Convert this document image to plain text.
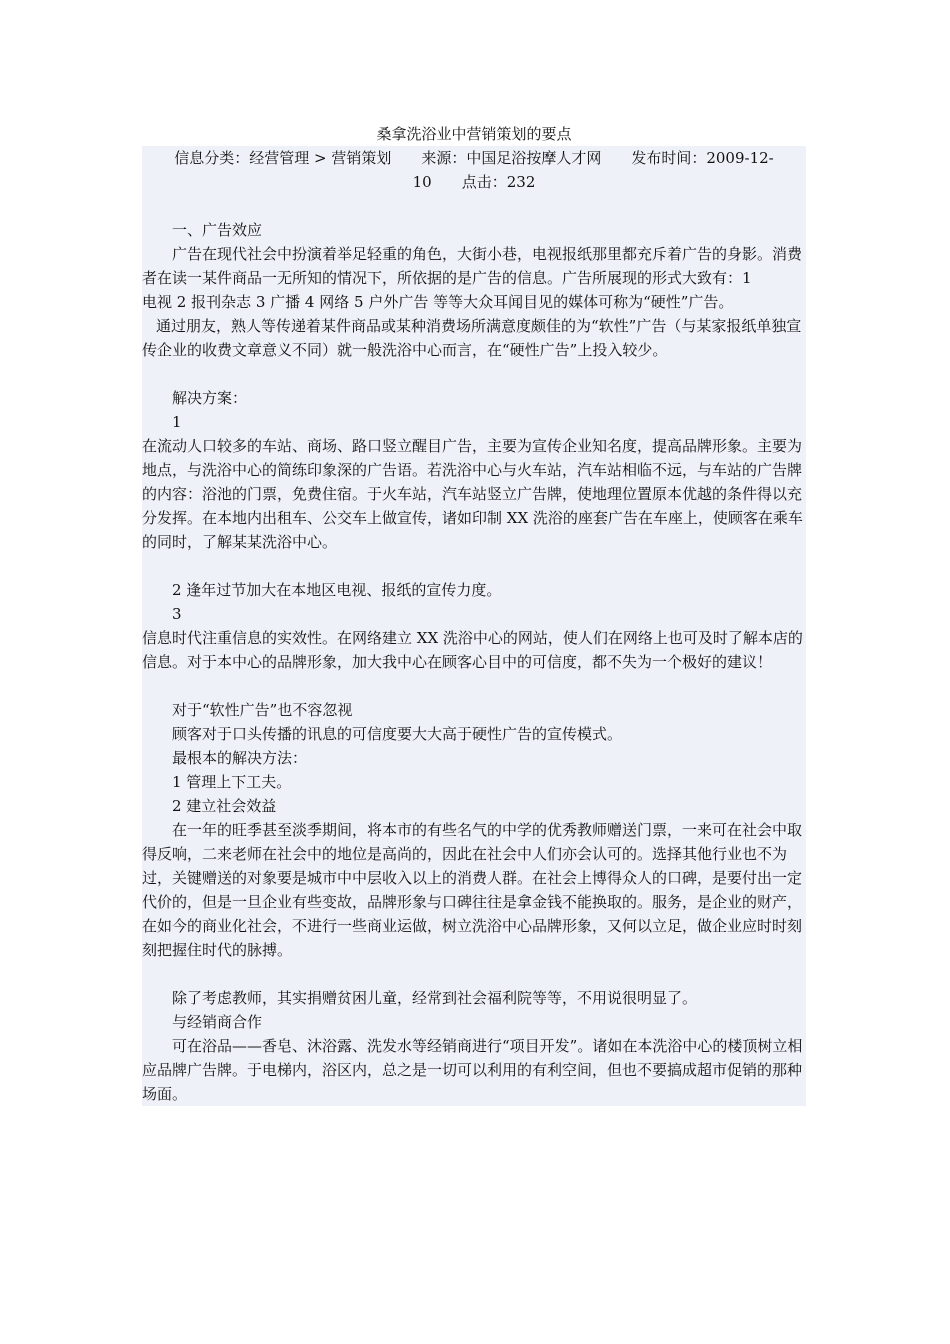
桑拿洗浴业中营销策划的要点
信息分类：经营管理 > 营销策划　　来源：中国足浴按摩人才网　　发布时间：2009-12-
10　　点击：232

一、广告效应

广告在现代社会中扮演着举足轻重的角色，大街小巷，电视报纸那里都充斥着广告的身影。消费者在读一某件商品一无所知的情况下，所依据的是广告的信息。广告所展现的形式大致有：1

电视 2 报刊杂志 3 广播 4 网络 5 户外广告 等等大众耳闻目见的媒体可称为“硬性”广告。

通过朋友，熟人等传递着某件商品或某种消费场所满意度颇佳的为“软性”广告（与某家报纸单独宣传企业的收费文章意义不同）就一般洗浴中心而言，在“硬性广告”上投入较少。

解决方案：

1

在流动人口较多的车站、商场、路口竖立醒目广告，主要为宣传企业知名度，提高品牌形象。主要为地点，与洗浴中心的简练印象深的广告语。若洗浴中心与火车站，汽车站相临不远，与车站的广告牌的内容：浴池的门票，免费住宿。于火车站，汽车站竖立广告牌，使地理位置原本优越的条件得以充分发挥。在本地内出租车、公交车上做宣传，诸如印制 XX 洗浴的座套广告在车座上，使顾客在乘车的同时，了解某某洗浴中心。

2 逢年过节加大在本地区电视、报纸的宣传力度。

3

信息时代注重信息的实效性。在网络建立 XX 洗浴中心的网站，使人们在网络上也可及时了解本店的信息。对于本中心的品牌形象，加大我中心在顾客心目中的可信度，都不失为一个极好的建议！

对于“软性广告”也不容忽视

顾客对于口头传播的讯息的可信度要大大高于硬性广告的宣传模式。

最根本的解决方法：

1 管理上下工夫。

2 建立社会效益

在一年的旺季甚至淡季期间，将本市的有些名气的中学的优秀教师赠送门票，一来可在社会中取得反响，二来老师在社会中的地位是高尚的，因此在社会中人们亦会认可的。选择其他行业也不为过，关键赠送的对象要是城市中中层收入以上的消费人群。在社会上博得众人的口碑，是要付出一定代价的，但是一旦企业有些变故，品牌形象与口碑往往是拿金钱不能换取的。服务，是企业的财产，在如今的商业化社会，不进行一些商业运做，树立洗浴中心品牌形象，又何以立足，做企业应时时刻刻把握住时代的脉搏。

除了考虑教师，其实捐赠贫困儿童，经常到社会福利院等等，不用说很明显了。

与经销商合作

可在浴品——香皂、沐浴露、洗发水等经销商进行“项目开发”。诸如在本洗浴中心的楼顶树立相应品牌广告牌。于电梯内，浴区内，总之是一切可以利用的有利空间，但也不要搞成超市促销的那种场面。
